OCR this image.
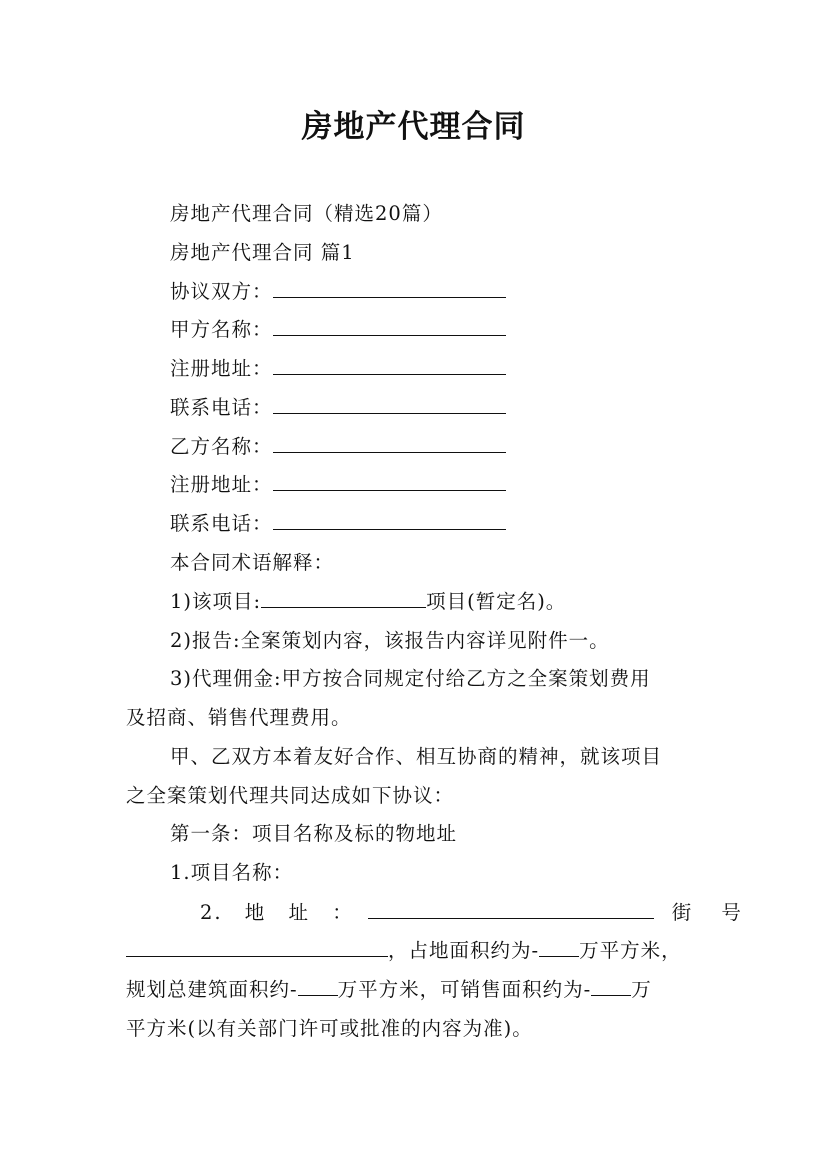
房地产代理合同
房地产代理合同（精选20篇）
房地产代理合同 篇1
协议双方：
甲方名称：
注册地址：
联系电话：
乙方名称：
注册地址：
联系电话：
本合同术语解释：
1)该项目:	项目(暂定名)。
2)报告:全案策划内容，该报告内容详见附件一。
3)代理佣金:甲方按合同规定付给乙方之全案策划费用
及招商、销售代理费用。
甲、乙双方本着友好合作、相互协商的精神，就该项目
之全案策划代理共同达成如下协议：
第一条：项目名称及标的物地址
1.项目名称：
2. 地 址 ：	街 号
，占地面积约为- 万平方米，
规划总建筑面积约- 万平方米，可销售面积约为- 万
平方米(以有关部门许可或批准的内容为准)。
